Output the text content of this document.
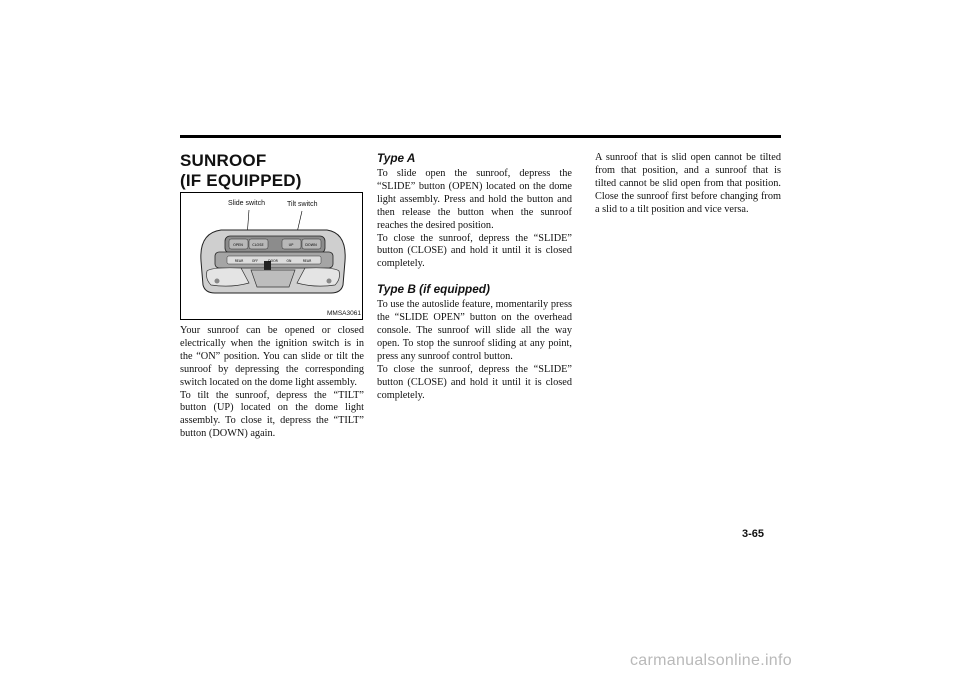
SUNROOF
(IF EQUIPPED)
Slide switch	Tilt switch
OPEN	CLOSE	UP	DOWN
REAR	OFF	DOOR	ON	REAR
MMSA3061

Your sunroof can be opened or closed electrically when the ignition switch is in the “ON” position. You can slide or tilt the sunroof by depressing the corresponding switch located on the dome light assembly.

To tilt the sunroof, depress the “TILT” button (UP) located on the dome light assembly. To close it, depress the “TILT” button (DOWN) again.

Type A

To slide open the sunroof, depress the “SLIDE” button (OPEN) located on the dome light assembly. Press and hold the button and then release the button when the sunroof reaches the desired position.

To close the sunroof, depress the “SLIDE” button (CLOSE) and hold it until it is closed completely.

Type B (if equipped)

To use the autoslide feature, momentarily press the “SLIDE OPEN” button on the overhead console. The sunroof will slide all the way open. To stop the sunroof sliding at any point, press any sunroof control button.

To close the sunroof, depress the “SLIDE” button (CLOSE) and hold it until it is closed completely.

A sunroof that is slid open cannot be tilted from that position, and a sunroof that is tilted cannot be slid open from that position. Close the sunroof first before changing from a slid to a tilt position and vice versa.

3-65
carmanualsonline.info
